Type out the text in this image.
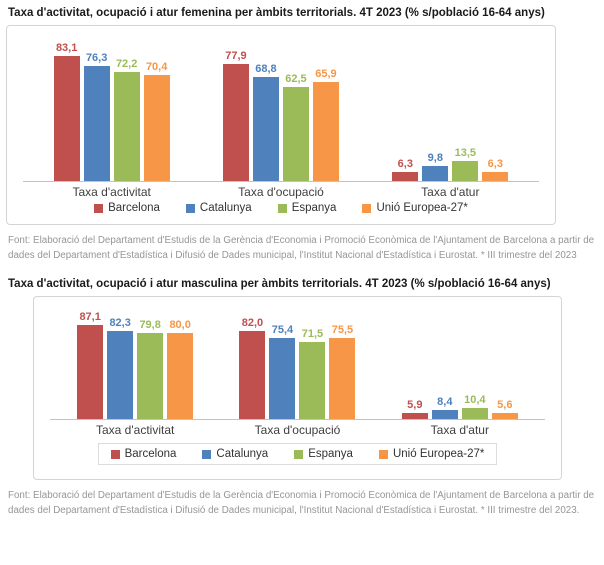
Taxa d'activitat, ocupació i atur femenina per àmbits territorials. 4T 2023 (% s/població 16-64 anys)
83,1
76,3 72,2 70,4
77,9
68,8
62,5 65,9
6,3 9,8 13,5
6,3
Taxa d'activitat	Taxa d'ocupació	Taxa d'atur
Barcelona	Catalunya	Espanya	Unió Europea-27*
Font: Elaboració del Departament d'Estudis de la Gerència d'Economia i Promoció Econòmica de l'Ajuntament de Barcelona a partir de dades del Departament d'Estadística i Difusió de Dades municipal, l'Institut Nacional d'Estadística i Eurostat. * III trimestre del 2023
Taxa d'activitat, ocupació i atur masculina per àmbits territorials. 4T 2023 (% s/població 16-64 anys)
87,1 82,3 79,8 80,0	82,0
75,4 71,5 75,5
5,9 8,4 10,4 5,6
Taxa d'activitat	Taxa d'ocupació	Taxa d'atur
Barcelona	Catalunya	Espanya	Unió Europea-27*
Font: Elaboració del Departament d'Estudis de la Gerència d'Economia i Promoció Econòmica de l'Ajuntament de Barcelona a partir de dades del Departament d'Estadística i Difusió de Dades municipal, l'Institut Nacional d'Estadística i Eurostat. * III trimestre del 2023.
